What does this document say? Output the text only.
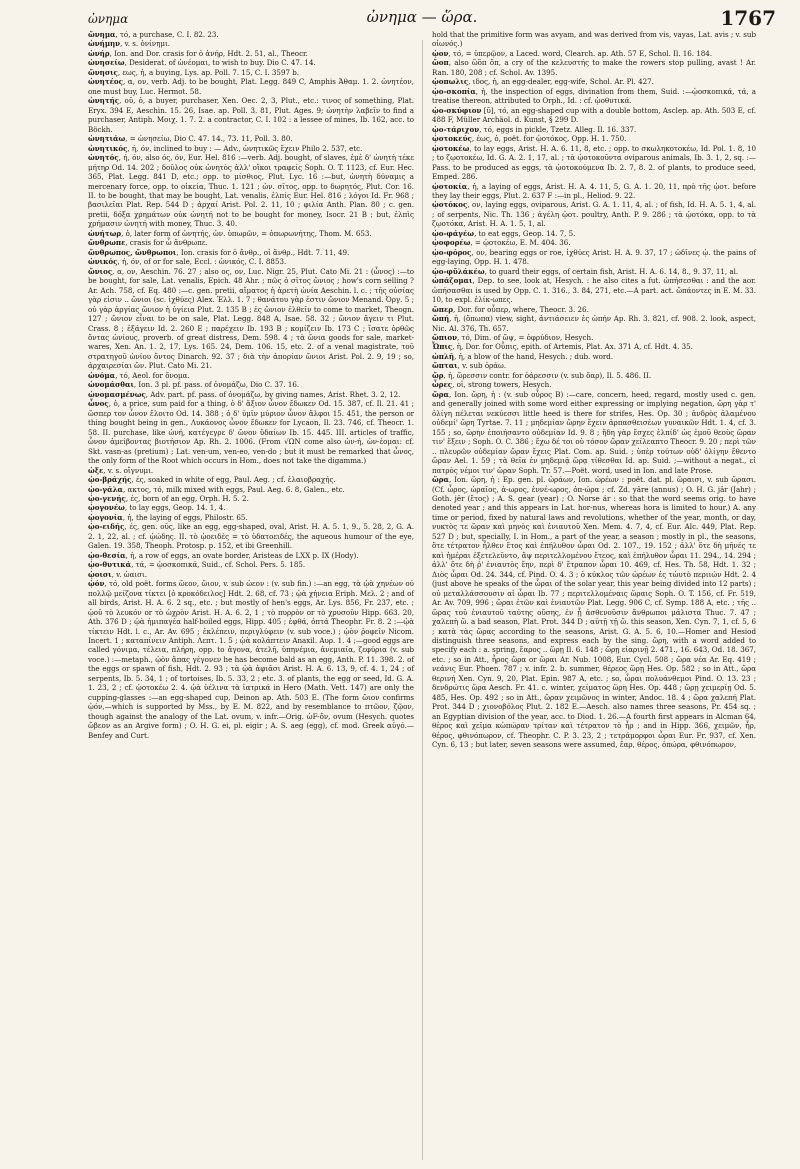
ὠνημα	ὠνημα — ὥρα.	1767

ὤνημα, τό, a purchase, C. I. 82. 23.

ὠνήμην, v. s. ὀνίνημι.

ὠνήρ, Ion. and Dor. crasis for ὁ ἀνήρ, Hdt. 2. 51, al., Theocr.

ὠνησείω, Desiderat. of ὠνέομαι, to wish to buy. Dio C. 47. 14.

ὤνησις, εως, ἡ, a buying, Lys. ap. Poll. 7. 15, C. I. 3597 b.

ὠνητέος, α, ον, verb. Adj. to be bought, Plat. Legg. 849 C, Amphis Ἀθαμ. 1. 2. ὠνητέον, one must buy, Luc. Hermot. 58.

ὠνητής, οῦ, ὁ, a buyer, purchaser, Xen. Oec. 2, 3, Plut., etc.: τινος of something, Plat. Eryx. 394 E, Aeschin. 15. 26, Isae. ap. Poll. 3. 81, Plut. Ages. 9; ὠνητὴν λαβεῖν to find a purchaser, Antiph. Μοιχ. 1. 7. 2. a contractor, C. I. 102 : a lessee of mines, Ib. 162, acc. to Böckh.

ὠνητιάω, = ὠνησείω, Dio C. 47. 14., 73. 11, Poll. 3. 80.

ὠνητικός, ή, όν, inclined to buy : — Adv., ὠνητικῶς ἔχειν Philo 2. 537, etc.

ὠνητός, ή, όν, also ός, όν, Eur. Hel. 816 :—verb. Adj. bought, of slaves, ἐμὲ δ' ὠνητὴ τέκε μήτηρ Od. 14. 202 ; δοῦλος οὐκ ὠνητὸς ἀλλ' οἴκοι τραφείς Soph. O. T. 1123, cf. Eur. Hec. 365, Plat. Legg. 841 D, etc.; opp. to μίσθιος, Plut. Lyc. 16 :—but, ὠνητὴ δύναμις a mercenary force, opp. to οἰκεία, Thuc. 1. 121 ; ὠν. σῖτος, opp. to δωρητός, Plut. Cor. 16. II. to be bought, that may be bought, Lat. venalis, ἐλπίς Eur. Hel. 816 ; λόγοι Id. Fr. 968 ; βασιλεῖαι Plat. Rep. 544 D ; ἀρχαί Arist. Pol. 2. 11, 10 ; φιλία Anth. Plan. 80 ; c. gen. pretii, δόξα χρημάτων οὐκ ὠνητή not to be bought for money, Isocr. 21 B ; but, ἐλπὶς χρήμασιν ὠνητή with money, Thuc. 3. 40.

ὠνήτωρ, ὁ, later form of ὠνητής, ὠν. ὑπωρῶν, = ὀπωρωνήτης, Thom. M. 653.

ὤνθρωπε, crasis for ὦ ἄνθρωπε.

ὤνθρωπος, ὤνθρωποι, Ion. crasis for ὁ ἄνθρ., οἱ ἄνθρ., Hdt. 7. 11, 49.

ὠνικός, ή, όν, of or for sale, Eccl. : ὠνικός, C. I. 8853.

ὤνιος, α, ον, Aeschin. 76. 27 ; also ος, ον, Luc. Nigr. 25, Plut. Cato Mi. 21 : (ὦνος) :—to be bought, for sale, Lat. venalis, Epich. 48 Ahr. ; πῶς ὁ σῖτος ὤνιος ; how's corn selling ? Ar. Ach. 758, cf. Eq. 480 :—c. gen. pretii, αἵματος ἡ ἀρετὴ ὠνία Aeschin. l. c. ; τῆς οὐσίας γὰρ εἰσιν .. ὤνιοι (sc. ἰχθύες) Alex. Ἑλλ. 1. 7 ; θανάτου γὰρ ἐστιν ὤνιον Menand. Ὀργ. 5 ; οὐ γὰρ ἀργίας ὤνιον ἡ ὑγίεια Plut. 2. 135 B ; ἐς ὤνιον ἐλθεῖν to come to market, Theogn. 127 ; ὤνιον εἶναι to be on sale, Plat. Legg. 848 A, Isae. 58. 32 ; ὤνιον ἄγειν τι Plut. Crass. 8 ; ἐξάγειν Id. 2. 260 E ; παρέχειν Ib. 193 B ; κομίζειν Ib. 173 C ; ἴσατε ὀρθῶς ὄντας ὠνίους, proverb. of great distress, Dem. 598. 4 ; τὰ ὤνια goods for sale, market-wares, Xen. An. 1. 2, 17, Lys. 165. 24, Dem. 106. 15, etc. 2. of a venal magistrate, τοῦ στρατηγοῦ ὠνίου ὄντος Dinarch. 92. 37 ; διὰ τὴν ἀπορίαν ὤνιοι Arist. Pol. 2. 9, 19 ; so, ἀρχαιρεσίαι ὤν. Plut. Cato Mi. 21.

ὠνόμα, τό, Aeol. for ὄνομα.

ὠνομάσθαι, Ion. 3 pl. pf. pass. of ὀνομάζω, Dio C. 37. 16.

ὠνομασμένως, Adv. part. pf. pass. of ὀνομάζω, by giving names, Arist. Rhet. 3. 2, 12.

ὦνος, ὁ, a price, sum paid for a thing, ὁ δ' ἄξιον ὦνον ἔδωκεν Od. 15. 387, cf. Il. 21. 41 ; ὥσπερ τον ὦνον ἔλοιτο Od. 14. 388 ; ὁ δ' ὑμῖν μύριον ὦνον ἄλφοι 15. 451, the person or thing bought being in gen., Λυκάονος ὦνον ἔδωκεν for Lycaon, Il. 23. 746, cf. Theocr. 1. 58. II. purchase, like ὠνή, κατέγεγρε δ' ὤνον ὕδαίων Ib. 15. 445. III. articles of traffic, ὦνον ἀμείβοντας βιοτήσιον Ap. Rh. 2. 1006. (From √ΩΝ come also ὠν-ή, ὠν-έομαι: cf. Skt. vasn-as (pretium) ; Lat. ven-um, ven-eo, ven-do ; but it must be remarked that ὦνος, the only form of the Root which occurs in Hom., does not take the digamma.)

ὡξε, v. s. οἴγνυμι.

ᾠο-βράχής, ές, soaked in white of egg, Paul. Aeg. ; cf. ἐλαιοβραχής.

ᾠο-γάλα, ακτος, τό, milk mixed with eggs, Paul. Aeg. 6. 8, Galen., etc.

ᾠο-γενής, ές, born of an egg, Orph. H. 5. 2.

ᾠογονέω, to lay eggs, Geop. 14. 1, 4.

ᾠογονία, ἡ, the laying of eggs, Philostr. 65.

ᾠο-ειδής, ές, gen. οῦς, like an egg, egg-shaped, oval, Arist. H. A. 5. 1, 9., 5. 28, 2, G. A. 2. 1, 22, al. ; cf. ᾠώδης. II. τὸ ᾠοειδὲς = τὸ ὑδατοειδές, the aqueous humour of the eye, Galen. 19. 358, Theoph. Protosp. p. 152, et ibi Greenhill.

ᾠο-θεσία, ἡ, a row of eggs, an ovate border, Aristeas de LXX p. IX (Hody).

ᾠο-θυτικά, τά, = ᾠοσκοπικά, Suid., cf. Schol. Pers. 5. 185.

ᾠοισι, v. ὠαισι.

ᾠόν, τό, old poët. forms ὤεον, ὤιον, v. sub ὠεον : (v. sub fin.) :—an egg, τὰ ᾠὰ χηνέων ού πολλῷ μείζονα τίκτει [ὁ κροκόδειλος] Hdt. 2. 68, cf. 73 ; ᾠὰ χήνεια Eriph. Μελ. 2 ; and of all birds, Arist. H. A. 6. 2 sq., etc. ; but mostly of hen's eggs, Ar. Lys. 856, Fr. 237, etc. ; ᾠοῦ τὸ λευκόν or τὸ ὠχρὸν Arist. H. A. 6. 2, 1 ; τὸ πυρρὸν or τὸ χρυσοῦν Hipp. 663. 20, Ath. 376 D ; ᾠὰ ἡμιπαγέα half-boiled eggs, Hipp. 405 ; ἑφθά, ὀπτά Theophr. Fr. 8. 2 :—ᾠὰ τίκτειν Hdt. l. c., Ar. Av. 695 ; ἐκλέπειν, περιγλύφειν (v. sub voce.) ; ᾠὸν ῥοφεῖν Nicom. Incert. 1 ; καταπίνειν Antiph. Λεπτ. 1. 5 ; ᾠὰ κολάπτειν Anaxil. Αυρ. 1. 4 ;—good eggs are called γόνιμα, τέλεια, πλήρη, opp. to ἄγονα, ἀτελῆ, ὑπηνέμια, ἀνεμιαῖα, ζεφύρια (v. sub voce.) :—metaph., ᾠὸν ἄπας γέγονεν he has become bald as an egg, Anth. P. 11. 398. 2. of the eggs or spawn of fish, Hdt. 2. 93 ; τὰ ᾠὰ ἀφιᾶσι Arist. H. A. 6. 13, 9, cf. 4. 1, 24 ; of serpents, Ib. 5. 34, 1 ; of tortoises, Ib. 5. 33, 2 ; etc. 3. of plants, the egg or seed, Id. G. A. 1. 23, 2 ; cf. ᾠοτοκέω 2. 4. ᾠὰ ὑέλινα τὰ ἰατρικά in Hero (Math. Vett. 147) are only the cupping-glasses :—an egg-shaped cup, Deinon ap. Ath. 503 E. (The form ὤιον confirms ᾠόν,—which is supported by Mss., by E. M. 822, and by resemblance to πτῶον, ζῷον, though against the analogy of the Lat. ovum, v. infr.—Orig. ὠF-ὄν, ovum (Hesych. quotes ὤβεον as an Argive form) ; O. H. G. ei, pl. eigir ; A. S. aeg (egg), cf. mod. Greek αὐγό.—Benfey and Curt.

hold that the primitive form was avyam, and was derived from vis, vayas, Lat. avis ; v. sub οἰωνός.)

ᾠον, τό, = ὑπερῷον, a Laced. word, Clearch. ap. Ath. 57 E, Schol. Il. 16. 184.

ὤοπ, also ὢὂπ ὄπ, a cry of the κελευστής to make the rowers stop pulling, avast ! Ar. Ran. 180, 208 ; cf. Schol. Av. 1395.

ᾠοπωλις, ιδος, ἡ, an egg-dealer, egg-wife, Schol. Ar. Pl. 427.

ᾠο-σκοπία, ἡ, the inspection of eggs, divination from them, Suid. :—ᾠοσκοπικά, τά, a treatise thereon, attributed to Orph., Id. : cf. ᾠοθυτικά.

ᾠο-σκύφιον [ῠ], τό, an egg-shaped cup with a double bottom, Asclep. ap. Ath. 503 E, cf. 488 F, Müller Archäol. d. Kunst, § 299 D.

ᾠο-τάριχον, τό, eggs in pickle, Tzetz. Alleg. Il. 16. 337.

ᾠοτοκεύς, έως, ὁ, poët. for ᾠοτόκος, Opp. H. 1. 750.

ᾠοτοκέω, to lay eggs, Arist. H. A. 6. 11, 8, etc. ; opp. to σκωληκοτοκέω, Id. Pol. 1. 8, 10 ; to ζῳοτοκέω, Id. G. A. 2. 1, 17, al. ; τὰ ᾠοτοκοῦντα oviparous animals, Ib. 3. 1, 2, sq. :—Pass. to be produced as eggs, τὰ ᾠοτοκούμενα Ib. 2. 7, 8. 2. of plants, to produce seed, Emped. 286.

ᾠοτοκία, ἡ, a laying of eggs, Arist. H. A. 4. 11, 5, G. A. 1. 20, 11, πρὸ τῆς ᾠοτ. before they lay their eggs, Plut. 2. 637 F :—in pl., Heliod. 9. 22.

ᾠοτόκος, ον, laying eggs, oviparous, Arist. G. A. 1. 11, 4, al. ; of fish, Id. H. A. 5. 1, 4, al. ; of serpents, Nic. Th. 136 ; ἀγέλη ᾠοτ. poultry, Anth. P. 9. 286 ; τὰ ᾠοτόκα, opp. to τὰ ζῳοτόκα, Arist. H. A. 1. 5, 1, al.

ᾠο-φάγέω, to eat eggs, Geop. 14. 7, 5.

ᾠοφορέω, = ᾠοτοκέω, E. M. 404. 36.

ᾠο-φόρος, ον, bearing eggs or roe, ἰχθύες Arist. H. A. 9. 37, 17 ; ὠδῖνες ᾠ. the pains of egg-laying, Opp. H. 1. 478.

ᾠο-φὔλάκέω, to guard their eggs, of certain fish, Arist. H. A. 6. 14, 8., 9. 37, 11, al.

ὠπάζομαι, Dep. to see, look at, Hesych. : he also cites a fut. ὠπήσεσθαι : and the aor. ὠπήσασθαι is used by Opp. C. 1. 316., 3. 84, 271, etc.—A part. act. ὤπάοντες in E. M. 33. 10, to expl. ἑλίκ-ωπες.

ὤπερ, Dor. for οὗπερ, where, Theocr. 3. 26.

ὤπή, ἡ, (ὄπωπα) view, sight, ἀντιάσειεν ἐς ὠπήν Ap. Rh. 3. 821, cf. 908. 2. look, aspect, Nic. Al. 376, Th. 657.

ὤπιον, τό, Dim. of ὤψ, = ὀφρύδιον, Hesych.

Ὦπις, ἡ, Dor. for Οὖπις, epith. of Artemis, Plat. Ax. 371 A, cf. Hdt. 4. 35.

ὠπλῆ, ἡ, a blow of the hand, Hesych. ; dub. word.

ὤπται, v. sub ὁράω.

ὤρ, ἡ, ὥρεσσιν contr. for ὀάρεσσιν (v. sub ὄαρ), Il. 5. 486. II.

ὦρες, οἱ, strong towers, Hesych.

ὤρα, Ion. ὤρη, ἡ : (v. sub οὖρος B) :—care, concern, heed, regard, mostly used c. gen. and generally joined with some word either expressing or implying negation, ὤρη γὰρ τ' ὀλίγη πέλεται νεκύεσσι little heed is there for strifes, Hes. Op. 30 ; ἀνδρὸς ἀλαμένου οὐδεμί' ὤρη Tyrtae. 7. 11 ; μηδεμίαν ὤρην ἔχειν ἁρπασθεισέων γυναικῶν Hdt. 1. 4, cf. 3. 155 ; so, ὤρην ἐποιήσαντο οὐδεμίαν Id. 9. 8 ; ἤδη γὰρ ἔσχες ἐλπίδ' ὡς ἐμοῦ θεοὺς ὤραν τιν' ἕξειν ; Soph. O. C. 386 ; ἔχω δέ τοι οὐ τόσον ὤραν χείλεαπτο Theocr. 9. 20 ; περὶ τῶν .. πλευρῶν οὐδεμίαν ὤραν ἔχεις Plat. Com. ap. Suid. ; ὑπὲρ τούτων οὐδ' ὀλίγην ἔθεντο ὤραν Ael. 1. 59 ; τὰ θεῖα ἐν μηδεμιᾷ ὤρᾳ τίθεσθαι Id. ap. Suid. ;—without a negat., εἰ πατρὸς νέμοι τιν' ὤραν Soph. Tr. 57.—Poët. word, used in Ion. and late Prose.

ὥρα, Ion. ὥρη, ἡ : Ep. gen. pl. ὡράων, Ion. ὡρέων : poët. dat. pl. ὥραισι, v. sub ὥρασι. (Cf. ὧρος, ὠραῖος, ἀ-ωρος, ἐννέ-ωρος, ὀπ-ώρα ; cf. Zd. yâre (annus) ; O. H. G. jâr (Jahr) ; Goth. jêr (ἔτος) ; A. S. gear (year) ; O. Norse ár : so that the word seems orig. to have denoted year ; and this appears in Lat. hor-nus, whereas hora is limited to hour.) A. any time or period, fixed by natural laws and revolutions, whether of the year, month, or day, νυκτὸς τε ὥραν καὶ μηνὸς καὶ ἐνιαυτοῦ Xen. Mem. 4. 7, 4, cf. Eur. Alc. 449, Plat. Rep. 527 D ; but, specially, I. in Hom., a part of the year, a season ; mostly in pl., the seasons, ὅτε τέτρατον ἦλθεν ἔτος καὶ ἐπήλυθον ὧραι Od. 2. 107., 19. 152 ; ἀλλ' ὅτε δὴ μῆνές τε καὶ ἡμέραι ἐξετελεῦντο, ἂψ περιτελλομένου ἔτεος, καὶ ἐπήλυθον ὧραι 11. 294., 14. 294 ; ἀλλ' ὅτε δὴ ῥ' ἐνιαυτὸς ἔην, περὶ δ' ἔτραπον ὧραι 10. 469, cf. Hes. Th. 58, Hdt. 1. 32 ; Διὸς ὧραι Od. 24. 344, cf. Pind. O. 4. 3 ; ὁ κύκλος τῶν ὡρέων ἐς τὠυτὸ περιιών Hdt. 2. 4 (just above he speaks of the ὧραι of the solar year, this year being divided into 12 parts) ; οὐ μεταλλάσσουσιν αἱ ὧραι Ib. 77 ; περιτελλομέναις ὥραις Soph. O. T. 156, cf. Fr. 519, Ar. Av. 709, 996 ; ὥραι ἐτῶν καὶ ἐνιαυτῶν Plat. Legg. 906 C, cf. Symp. 188 A, etc. ; τῆς .. ὥρας τοῦ ἐνιαυτοῦ ταύτης οὔσης, ἐν ᾗ ἀσθενοῦσιν ἄνθρωποι μάλιστα Thuc. 7. 47 ; χαλεπὴ ὤ. a bad season, Plat. Prot. 344 D ; αὐτῇ τῇ ὤ. this season, Xen. Cyn. 7, 1, cf. 5, 6 ; κατὰ τὰς ὥρας according to the seasons, Arist. G. A. 5. 6, 10.—Homer and Hesiod distinguish three seasons, and express each by the sing. ὥρη, with a word added to specify each : a. spring, ἔαρος .. ὥρῃ Il. 6. 148 ; ὥρῃ εἰαρινῇ 2. 471., 16. 643, Od. 18. 367, etc. ; so in Att., ἦρος ὥρα or ὥραι Ar. Nub. 1008, Eur. Cycl. 508 ; ὥρα νέα Ar. Eq. 419 ; νεάνις Eur. Phoen. 787 ; v. infr. 2. b. summer, θέρεος ὥρῃ Hes. Op. 582 ; so in Att., ὥρα θερινή Xen. Cyn. 9, 20, Plat. Epin. 987 A, etc. ; so, ὧραι πολυάνθεμοι Pind. O. 13. 23 ; δενδρώτις ὥρα Aesch. Fr. 41. c. winter, χείματος ὥρη Hes. Op. 448 ; ὥρῃ χειμερίῃ Od. 5. 485, Hes. Op. 492 ; so in Att., ὥραν χειμῶνος in winter, Andoc. 18. 4 ; ὥρα χαλεπή Plat. Prot. 344 D ; χιονοβόλος Plut. 2. 182 E.—Aesch. also names three seasons, Pr. 454 sq. ; an Egyptian division of the year, acc. to Diod. 1. 26.—A fourth first appears in Alcman 64, θέρος καὶ χεῖμα κὠπώραν τρίταν καὶ τέτρατον τὸ ἦρ ; and in Hipp. 366, χειμῶν, ἦρ, θέρος, φθινόπωρον, cf. Theophr. C. P. 3. 23, 2 ; τετράμορφοι ὧραι Eur. Fr. 937, cf. Xen. Cyn. 6, 13 ; but later, seven seasons were assumed, ἔαρ, θέρος, ὀπώρα, φθινόπωρον,
